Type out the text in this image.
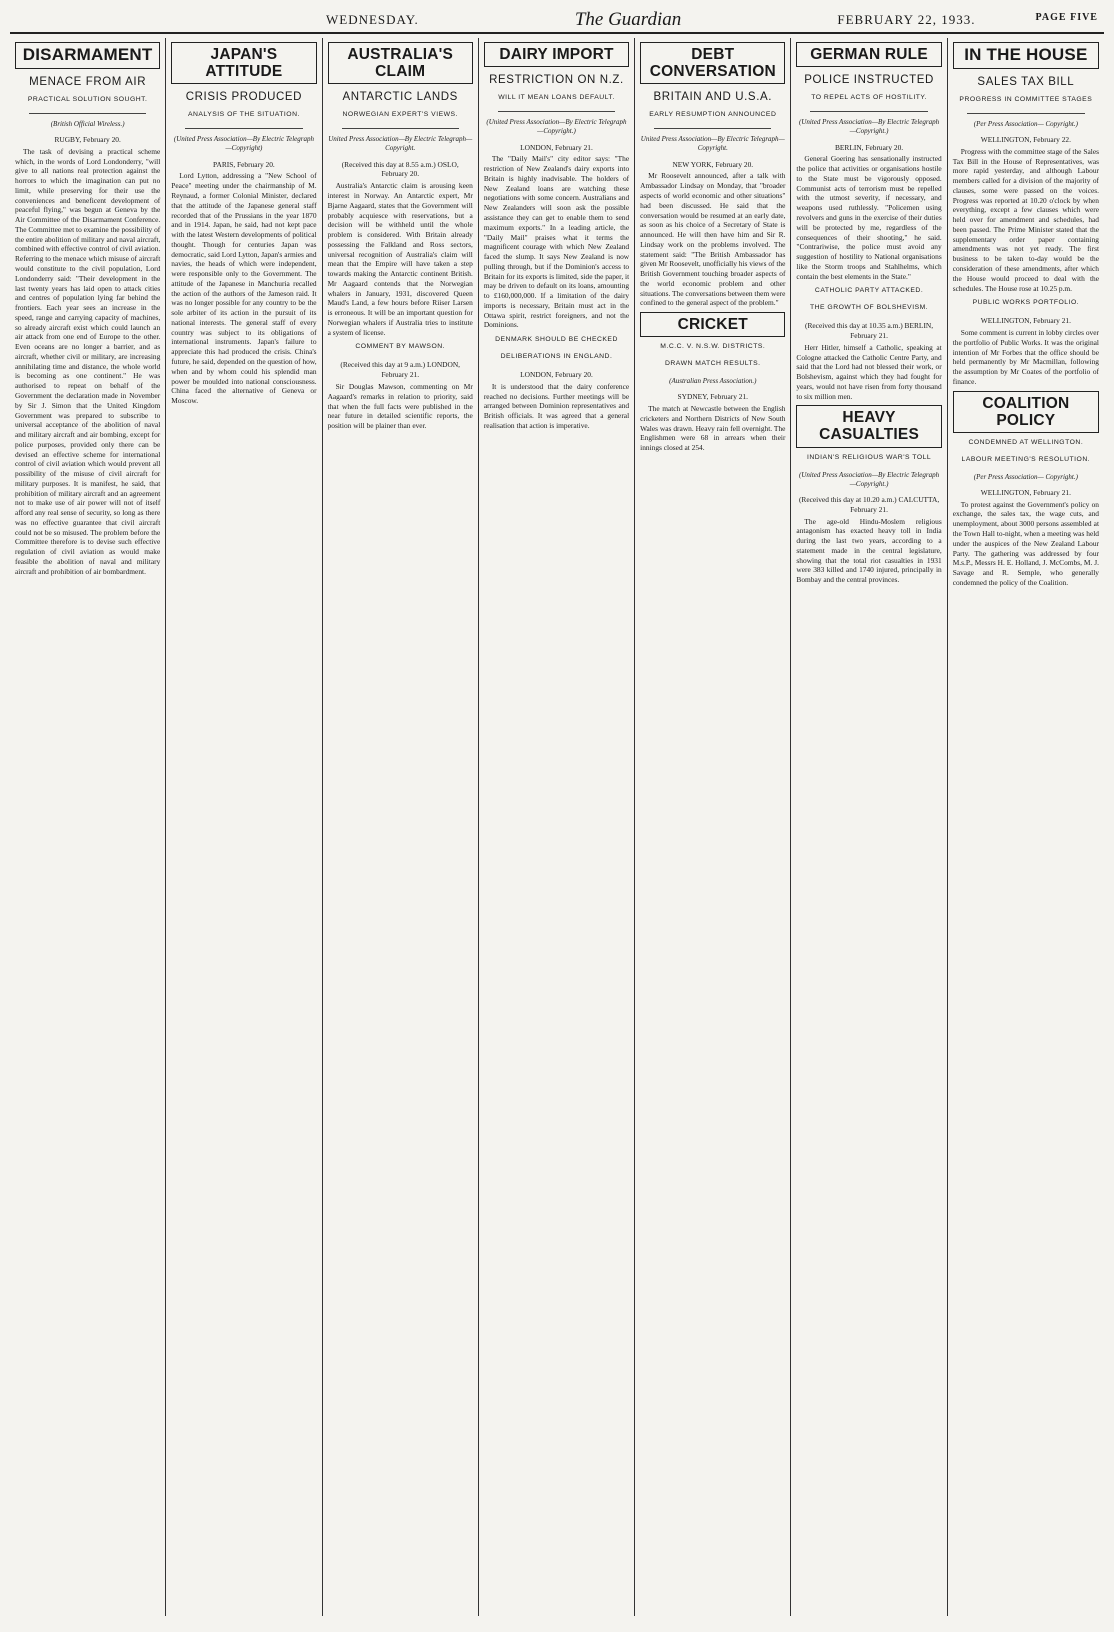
WEDNESDAY.	The Guardian	FEBRUARY 22, 1933.	PAGE FIVE
DISARMAMENT
MENACE FROM AIR
PRACTICAL SOLUTION SOUGHT.
(British Official Wireless.)
RUGBY, February 20.

The task of devising a practical scheme which, in the words of Lord Londonderry, "will give to all nations real protection against the horrors to which the imagination can put no limit, while preserving for their use the conveniences and beneficent development of peaceful flying," was begun at Geneva by the Air Committee of the Disarmament Conference. The Committee met to examine the possibility of the entire abolition of military and naval aircraft, combined with effective control of civil aviation. Referring to the menace which misuse of aircraft would constitute to the civil population, Lord Londonderry said: "Their development in the last twenty years has laid open to attack cities and centres of population lying far behind the frontiers. Each year sees an increase in the speed, range and carrying capacity of machines, so already aircraft exist which could launch an air attack from one end of Europe to the other. Even oceans are no longer a barrier, and as aircraft, whether civil or military, are increasing annihilating time and distance, the whole world is becoming as one continent." He was authorised to repeat on behalf of the Government the declaration made in November by Sir J. Simon that the United Kingdom Government was prepared to subscribe to universal acceptance of the abolition of naval and military aircraft and air bombing, except for police purposes, provided only there can be devised an effective scheme for international control of civil aviation which would prevent all possibility of the misuse of civil aircraft for military purposes. It is manifest, he said, that prohibition of military aircraft and an agreement not to make use of air power will not of itself afford any real sense of security, so long as there was no effective guarantee that civil aircraft could not be so misused. The problem before the Committee therefore is to devise such effective regulation of civil aviation as would make feasible the abolition of naval and military aircraft and prohibition of air bombardment.

JAPAN'S ATTITUDE
CRISIS PRODUCED
ANALYSIS OF THE SITUATION.
(United Press Association—By Electric Telegraph—Copyright)
PARIS, February 20.

Lord Lytton, addressing a "New School of Peace" meeting under the chairmanship of M. Reynaud, a former Colonial Minister, declared that the attitude of the Japanese general staff recorded that of the Prussians in the year 1870 and in 1914. Japan, he said, had not kept pace with the latest Western developments of political thought. Though for centuries Japan was democratic, said Lord Lytton, Japan's armies and navies, the heads of which were independent, were responsible only to the Government. The attitude of the Japanese in Manchuria recalled the action of the authors of the Jameson raid. It was no longer possible for any country to be the sole arbiter of its action in the pursuit of its national interests. The general staff of every country was subject to its obligations of international instruments. Japan's failure to appreciate this had produced the crisis. China's future, he said, depended on the question of how, when and by whom could his splendid man power be moulded into national consciousness. China faced the alternative of Geneva or Moscow.

AUSTRALIA'S CLAIM
ANTARCTIC LANDS
NORWEGIAN EXPERT'S VIEWS.
United Press Association—By Electric Telegraph—Copyright.
(Received this day at 8.55 a.m.) OSLO, February 20.

Australia's Antarctic claim is arousing keen interest in Norway. An Antarctic expert, Mr Bjarne Aagaard, states that the Government will probably acquiesce with reservations, but a decision will be withheld until the whole problem is considered. With Britain already possessing the Falkland and Ross sectors, universal recognition of Australia's claim will mean that the Empire will have taken a step towards making the Antarctic continent British. Mr Aagaard contends that the Norwegian whalers in January, 1931, discovered Queen Maud's Land, a few hours before Riiser Larsen is erroneous. It will be an important question for Norwegian whalers if Australia tries to institute a system of license.

COMMENT BY MAWSON.
(Received this day at 9 a.m.) LONDON, February 21.

Sir Douglas Mawson, commenting on Mr Aagaard's remarks in relation to priority, said that when the full facts were published in the near future in detailed scientific reports, the position will be plainer than ever.

DAIRY IMPORT
RESTRICTION ON N.Z.
WILL IT MEAN LOANS DEFAULT.
(United Press Association—By Electric Telegraph—Copyright.)
LONDON, February 21.

The "Daily Mail's" city editor says: "The restriction of New Zealand's dairy exports into Britain is highly inadvisable. The holders of New Zealand loans are watching these negotiations with some concern. Australians and New Zealanders will soon ask the possible assistance they can get to enable them to send maximum exports." In a leading article, the "Daily Mail" praises what it terms the magnificent courage with which New Zealand faced the slump. It says New Zealand is now pulling through, but if the Dominion's access to Britain for its exports is limited, side the paper, it may be driven to default on its loans, amounting to £160,000,000. If a limitation of the dairy imports is necessary, Britain must act in the Ottawa spirit, restrict foreigners, and not the Dominions.

DENMARK SHOULD BE CHECKED
DELIBERATIONS IN ENGLAND.
LONDON, February 20.

It is understood that the dairy conference reached no decisions. Further meetings will be arranged between Dominion representatives and British officials. It was agreed that a general realisation that action is imperative.

DEBT CONVERSATION
BRITAIN AND U.S.A.
EARLY RESUMPTION ANNOUNCED
United Press Association—By Electric Telegraph—Copyright.
NEW YORK, February 20.

Mr Roosevelt announced, after a talk with Ambassador Lindsay on Monday, that "broader aspects of world economic and other situations" had been discussed. He said that the conversation would be resumed at an early date, as soon as his choice of a Secretary of State is announced. He will then have him and Sir R. Lindsay work on the problems involved. The statement said: "The British Ambassador has given Mr Roosevelt, unofficially his views of the British Government touching broader aspects of the world economic problem and other situations. The conversations between them were confined to the general aspect of the problem."

CRICKET
M.C.C. V. N.S.W. DISTRICTS.
DRAWN MATCH RESULTS.
(Australian Press Association.)
SYDNEY, February 21.

The match at Newcastle between the English cricketers and Northern Districts of New South Wales was drawn. Heavy rain fell overnight. The Englishmen were 68 in arrears when their innings closed at 254.

GERMAN RULE
POLICE INSTRUCTED
TO REPEL ACTS OF HOSTILITY.
(United Press Association—By Electric Telegraph—Copyright.)
BERLIN, February 20.

General Goering has sensationally instructed the police that activities or organisations hostile to the State must be vigorously opposed. Communist acts of terrorism must be repelled with the utmost severity, if necessary, and weapons used ruthlessly. "Policemen using revolvers and guns in the exercise of their duties will be protected by me, regardless of the consequences of their shooting," he said. "Contrariwise, the police must avoid any suggestion of hostility to National organisations like the Storm troops and Stahlhelms, which contain the best elements in the State."

CATHOLIC PARTY ATTACKED.
THE GROWTH OF BOLSHEVISM.
(Received this day at 10.35 a.m.) BERLIN, February 21.

Herr Hitler, himself a Catholic, speaking at Cologne attacked the Catholic Centre Party, and said that the Lord had not blessed their work, or Bolshevism, against which they had fought for years, would not have risen from forty thousand to six million men.

HEAVY CASUALTIES
INDIAN'S RELIGIOUS WAR'S TOLL
(United Press Association—By Electric Telegraph—Copyright.)
(Received this day at 10.20 a.m.) CALCUTTA, February 21.

The age-old Hindu-Moslem religious antagonism has exacted heavy toll in India during the last two years, according to a statement made in the central legislature, showing that the total riot casualties in 1931 were 383 killed and 1740 injured, principally in Bombay and the central provinces.

IN THE HOUSE
SALES TAX BILL
PROGRESS IN COMMITTEE STAGES
(Per Press Association— Copyright.)
WELLINGTON, February 22.

Progress with the committee stage of the Sales Tax Bill in the House of Representatives, was more rapid yesterday, and although Labour members called for a division of the majority of clauses, some were passed on the voices. Progress was reported at 10.20 o'clock by when everything, except a few clauses which were held over for amendment and schedules, had been passed. The Prime Minister stated that the supplementary order paper containing amendments was not yet ready. The first business to be taken to-day would be the consideration of these amendments, after which the House would proceed to deal with the schedules. The House rose at 10.25 p.m.

PUBLIC WORKS PORTFOLIO.
WELLINGTON, February 21.

Some comment is current in lobby circles over the portfolio of Public Works. It was the original intention of Mr Forbes that the office should be held permanently by Mr Macmillan, following the assumption by Mr Coates of the portfolio of finance.

COALITION POLICY
CONDEMNED AT WELLINGTON.
LABOUR MEETING'S RESOLUTION.
(Per Press Association— Copyright.)
WELLINGTON, February 21.

To protest against the Government's policy on exchange, the sales tax, the wage cuts, and unemployment, about 3000 persons assembled at the Town Hall to-night, when a meeting was held under the auspices of the New Zealand Labour Party. The gathering was addressed by four M.s.P., Messrs H. E. Holland, J. McCombs, M. J. Savage and R. Semple, who generally condemned the policy of the Coalition.
